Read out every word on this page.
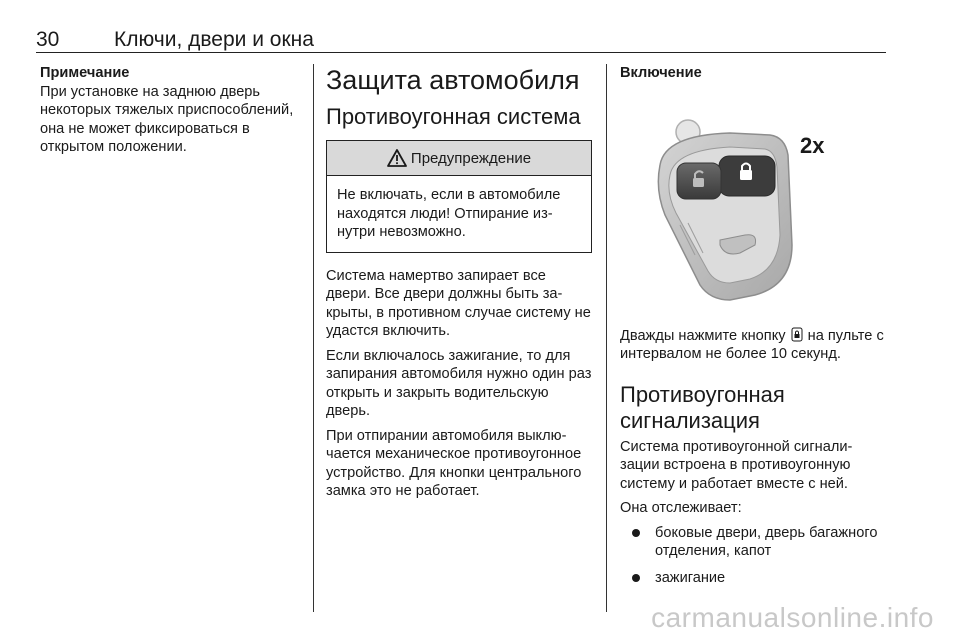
30	Ключи, двери и окна

Примечание

При установке на заднюю дверь некоторых тяжелых приспособлений, она не может фиксироваться в открытом положении.

Защита автомобиля
Противоугонная система
Предупреждение

Не включать, если в автомобиле находятся люди! Отпирание изнутри невозможно.

Система намертво запирает все двери. Все двери должны быть закрыты, в противном случае систему не удастся включить.

Если включалось зажигание, то для запирания автомобиля нужно один раз открыть и закрыть водительскую дверь.

При отпирании автомобиля выключается механическое противоугонное устройство. Для кнопки центрального замка это не работает.

Включение

2x

Дважды нажмите кнопку на пульте с интервалом не более 10 секунд.

Противоугонная сигнализация

Система противоугонной сигнализации встроена в противоугонную систему и работает вместе с ней.

Она отслеживает:

боковые двери, дверь багажного отделения, капот
зажигание
carmanualsonline.info
